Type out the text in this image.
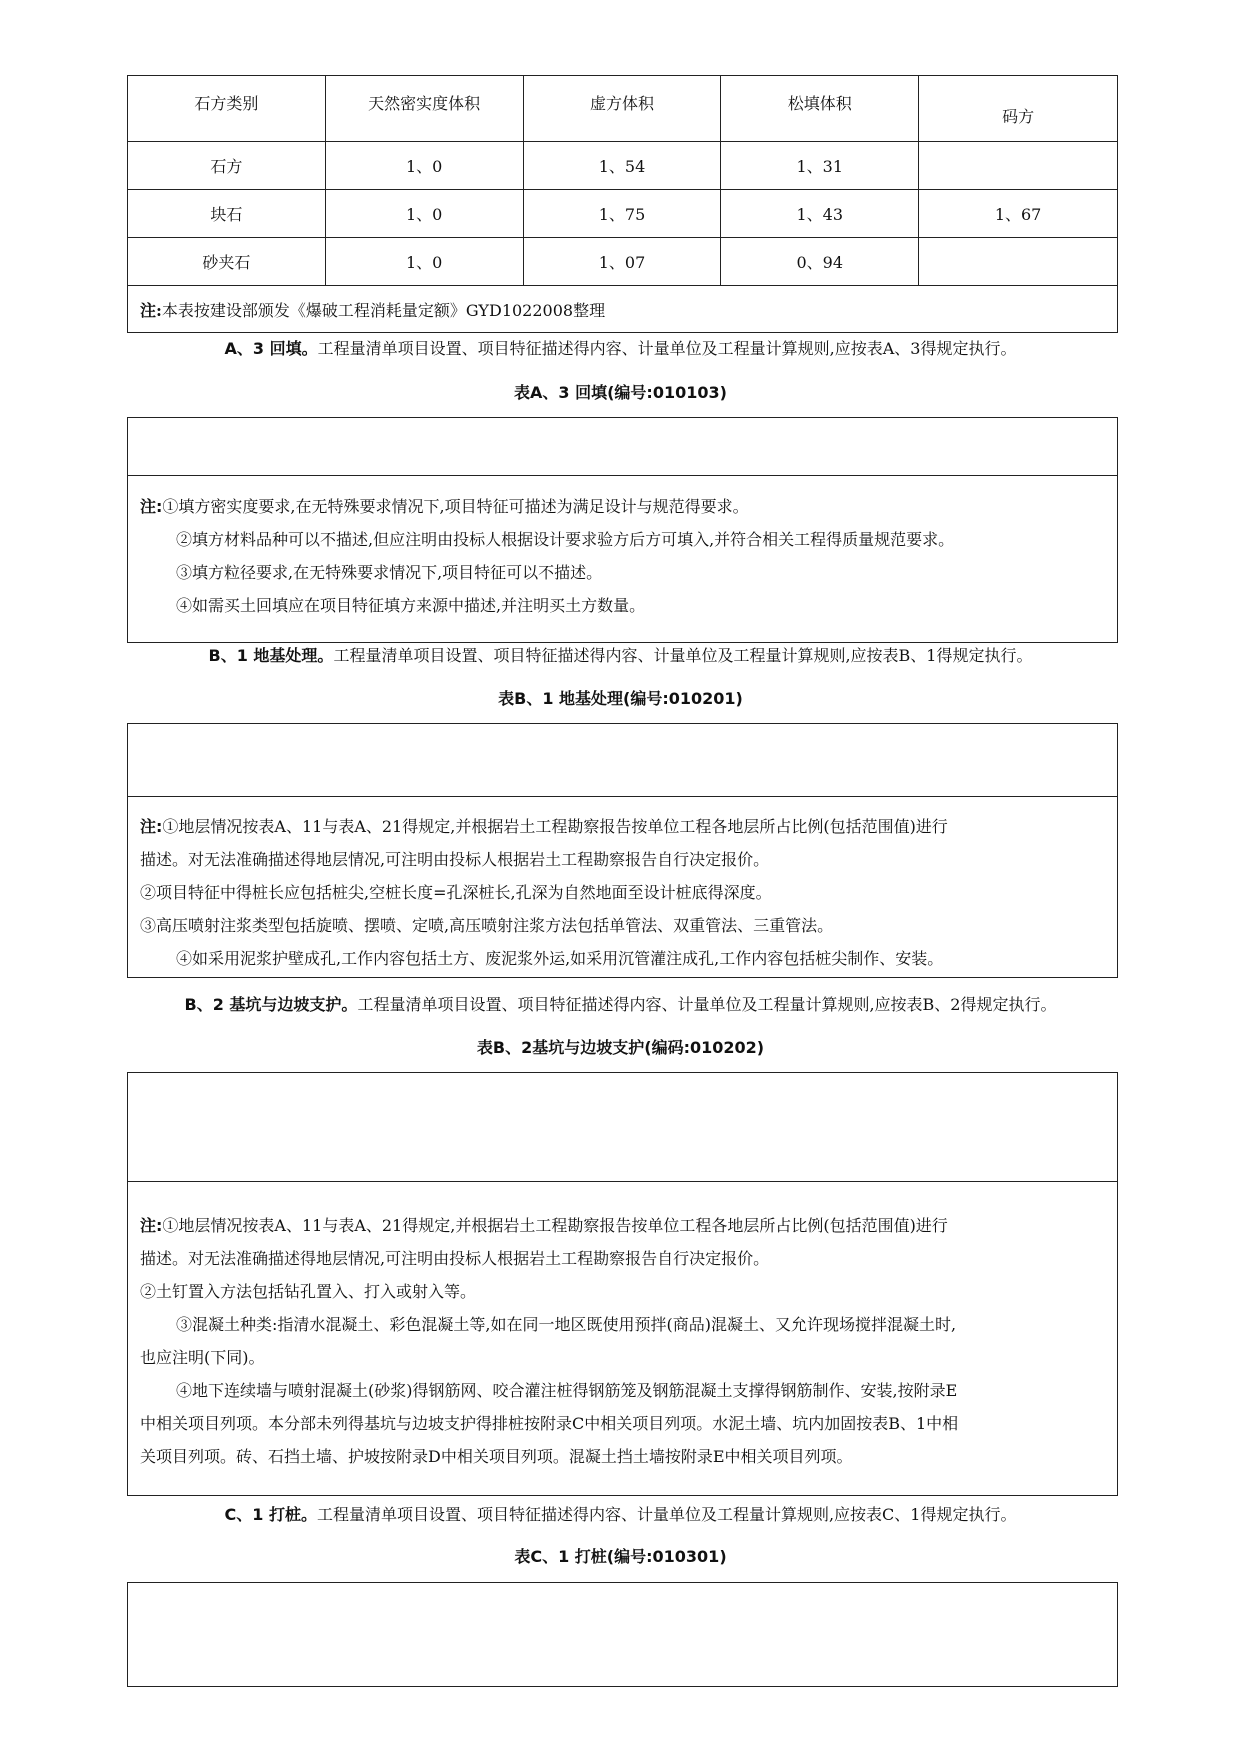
石方类别	天然密实度体积	虚方体积	松填体积	码方

石方	1、0	1、54	1、31	
块石	1、0	1、75	1、43	1、67
砂夹石	1、0	1、07	0、94	
注:本表按建设部颁发《爆破工程消耗量定额》GYD1022008整理				
A、3 回填。工程量清单项目设置、项目特征描述得内容、计量单位及工程量计算规则,应按表A、3得规定执行。
表A、3 回填(编号:010103)

注:①填方密实度要求,在无特殊要求情况下,项目特征可描述为满足设计与规范得要求。

②填方材料品种可以不描述,但应注明由投标人根据设计要求验方后方可填入,并符合相关工程得质量规范要求。

③填方粒径要求,在无特殊要求情况下,项目特征可以不描述。

④如需买土回填应在项目特征填方来源中描述,并注明买土方数量。

B、1 地基处理。工程量清单项目设置、项目特征描述得内容、计量单位及工程量计算规则,应按表B、1得规定执行。
表B、1 地基处理(编号:010201)

注:①地层情况按表A、11与表A、21得规定,并根据岩土工程勘察报告按单位工程各地层所占比例(包括范围值)进行

描述。对无法准确描述得地层情况,可注明由投标人根据岩土工程勘察报告自行决定报价。

②项目特征中得桩长应包括桩尖,空桩长度=孔深桩长,孔深为自然地面至设计桩底得深度。

③高压喷射注浆类型包括旋喷、摆喷、定喷,高压喷射注浆方法包括单管法、双重管法、三重管法。

④如采用泥浆护壁成孔,工作内容包括土方、废泥浆外运,如采用沉管灌注成孔,工作内容包括桩尖制作、安装。

B、2 基坑与边坡支护。工程量清单项目设置、项目特征描述得内容、计量单位及工程量计算规则,应按表B、2得规定执行。
表B、2基坑与边坡支护(编码:010202)

注:①地层情况按表A、11与表A、21得规定,并根据岩土工程勘察报告按单位工程各地层所占比例(包括范围值)进行

描述。对无法准确描述得地层情况,可注明由投标人根据岩土工程勘察报告自行决定报价。

②土钉置入方法包括钻孔置入、打入或射入等。

③混凝土种类:指清水混凝土、彩色混凝土等,如在同一地区既使用预拌(商品)混凝土、又允许现场搅拌混凝土时,

也应注明(下同)。

④地下连续墙与喷射混凝土(砂浆)得钢筋网、咬合灌注桩得钢筋笼及钢筋混凝土支撑得钢筋制作、安装,按附录E

中相关项目列项。本分部未列得基坑与边坡支护得排桩按附录C中相关项目列项。水泥土墙、坑内加固按表B、1中相

关项目列项。砖、石挡土墙、护坡按附录D中相关项目列项。混凝土挡土墙按附录E中相关项目列项。

C、1 打桩。工程量清单项目设置、项目特征描述得内容、计量单位及工程量计算规则,应按表C、1得规定执行。
表C、1 打桩(编号:010301)
